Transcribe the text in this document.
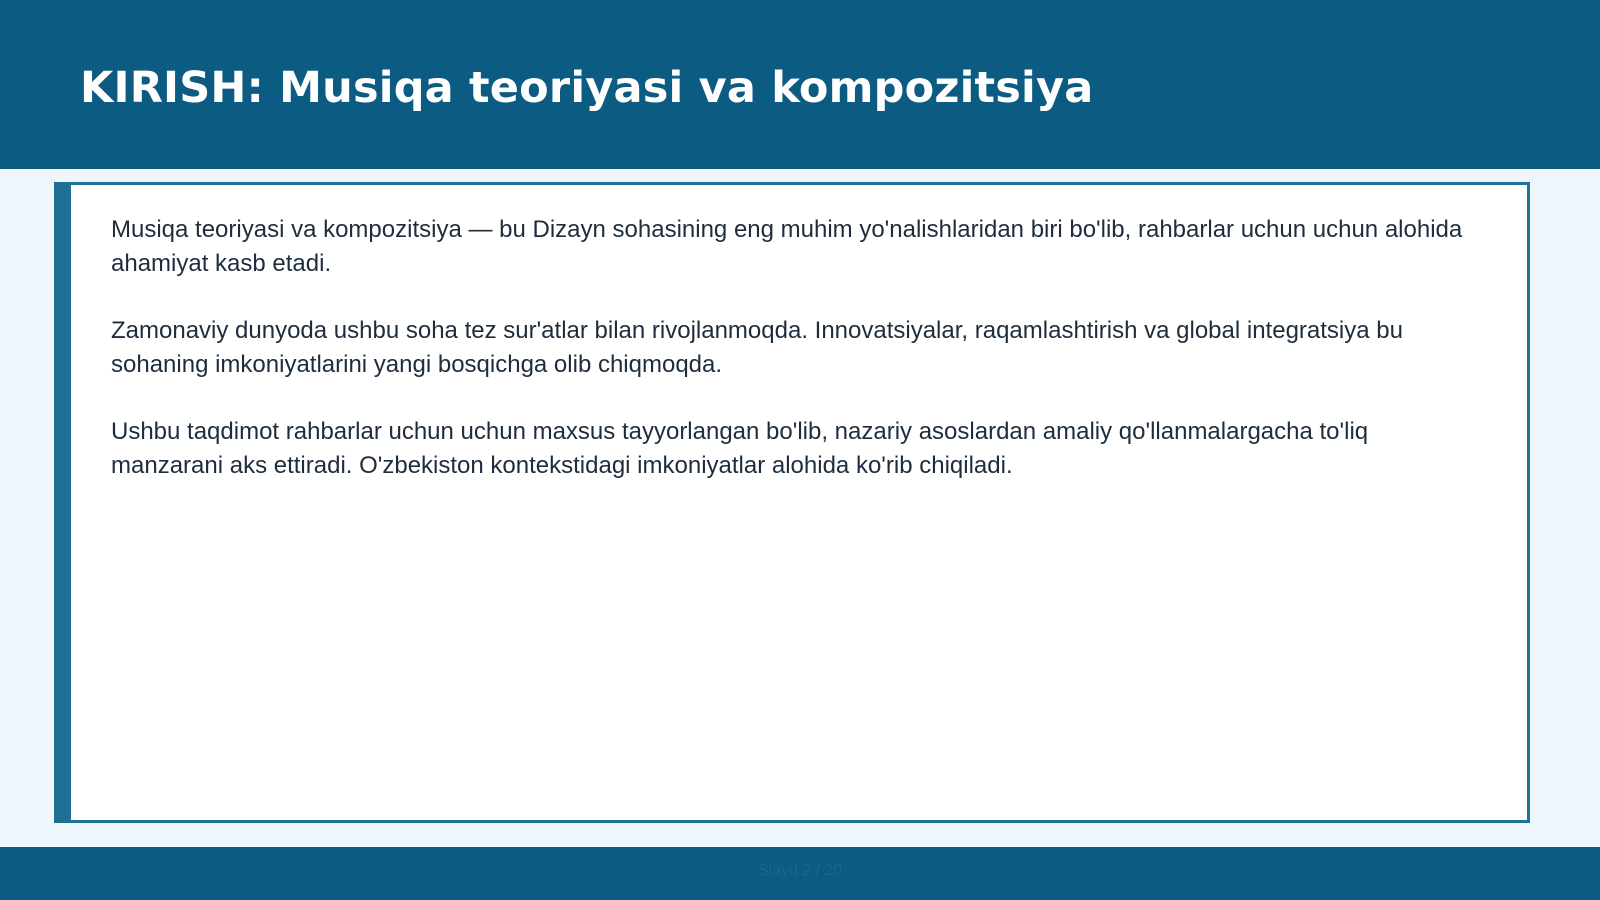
KIRISH: Musiqa teoriyasi va kompozitsiya

Musiqa teoriyasi va kompozitsiya — bu Dizayn sohasining eng muhim yo'nalishlaridan biri bo'lib, rahbarlar uchun uchun alohida ahamiyat kasb etadi.

Zamonaviy dunyoda ushbu soha tez sur'atlar bilan rivojlanmoqda. Innovatsiyalar, raqamlashtirish va global integratsiya bu sohaning imkoniyatlarini yangi bosqichga olib chiqmoqda.

Ushbu taqdimot rahbarlar uchun uchun maxsus tayyorlangan bo'lib, nazariy asoslardan amaliy qo'llanmalargacha to'liq manzarani aks ettiradi. O'zbekiston kontekstidagi imkoniyatlar alohida ko'rib chiqiladi.

Slayd 2 / 20
